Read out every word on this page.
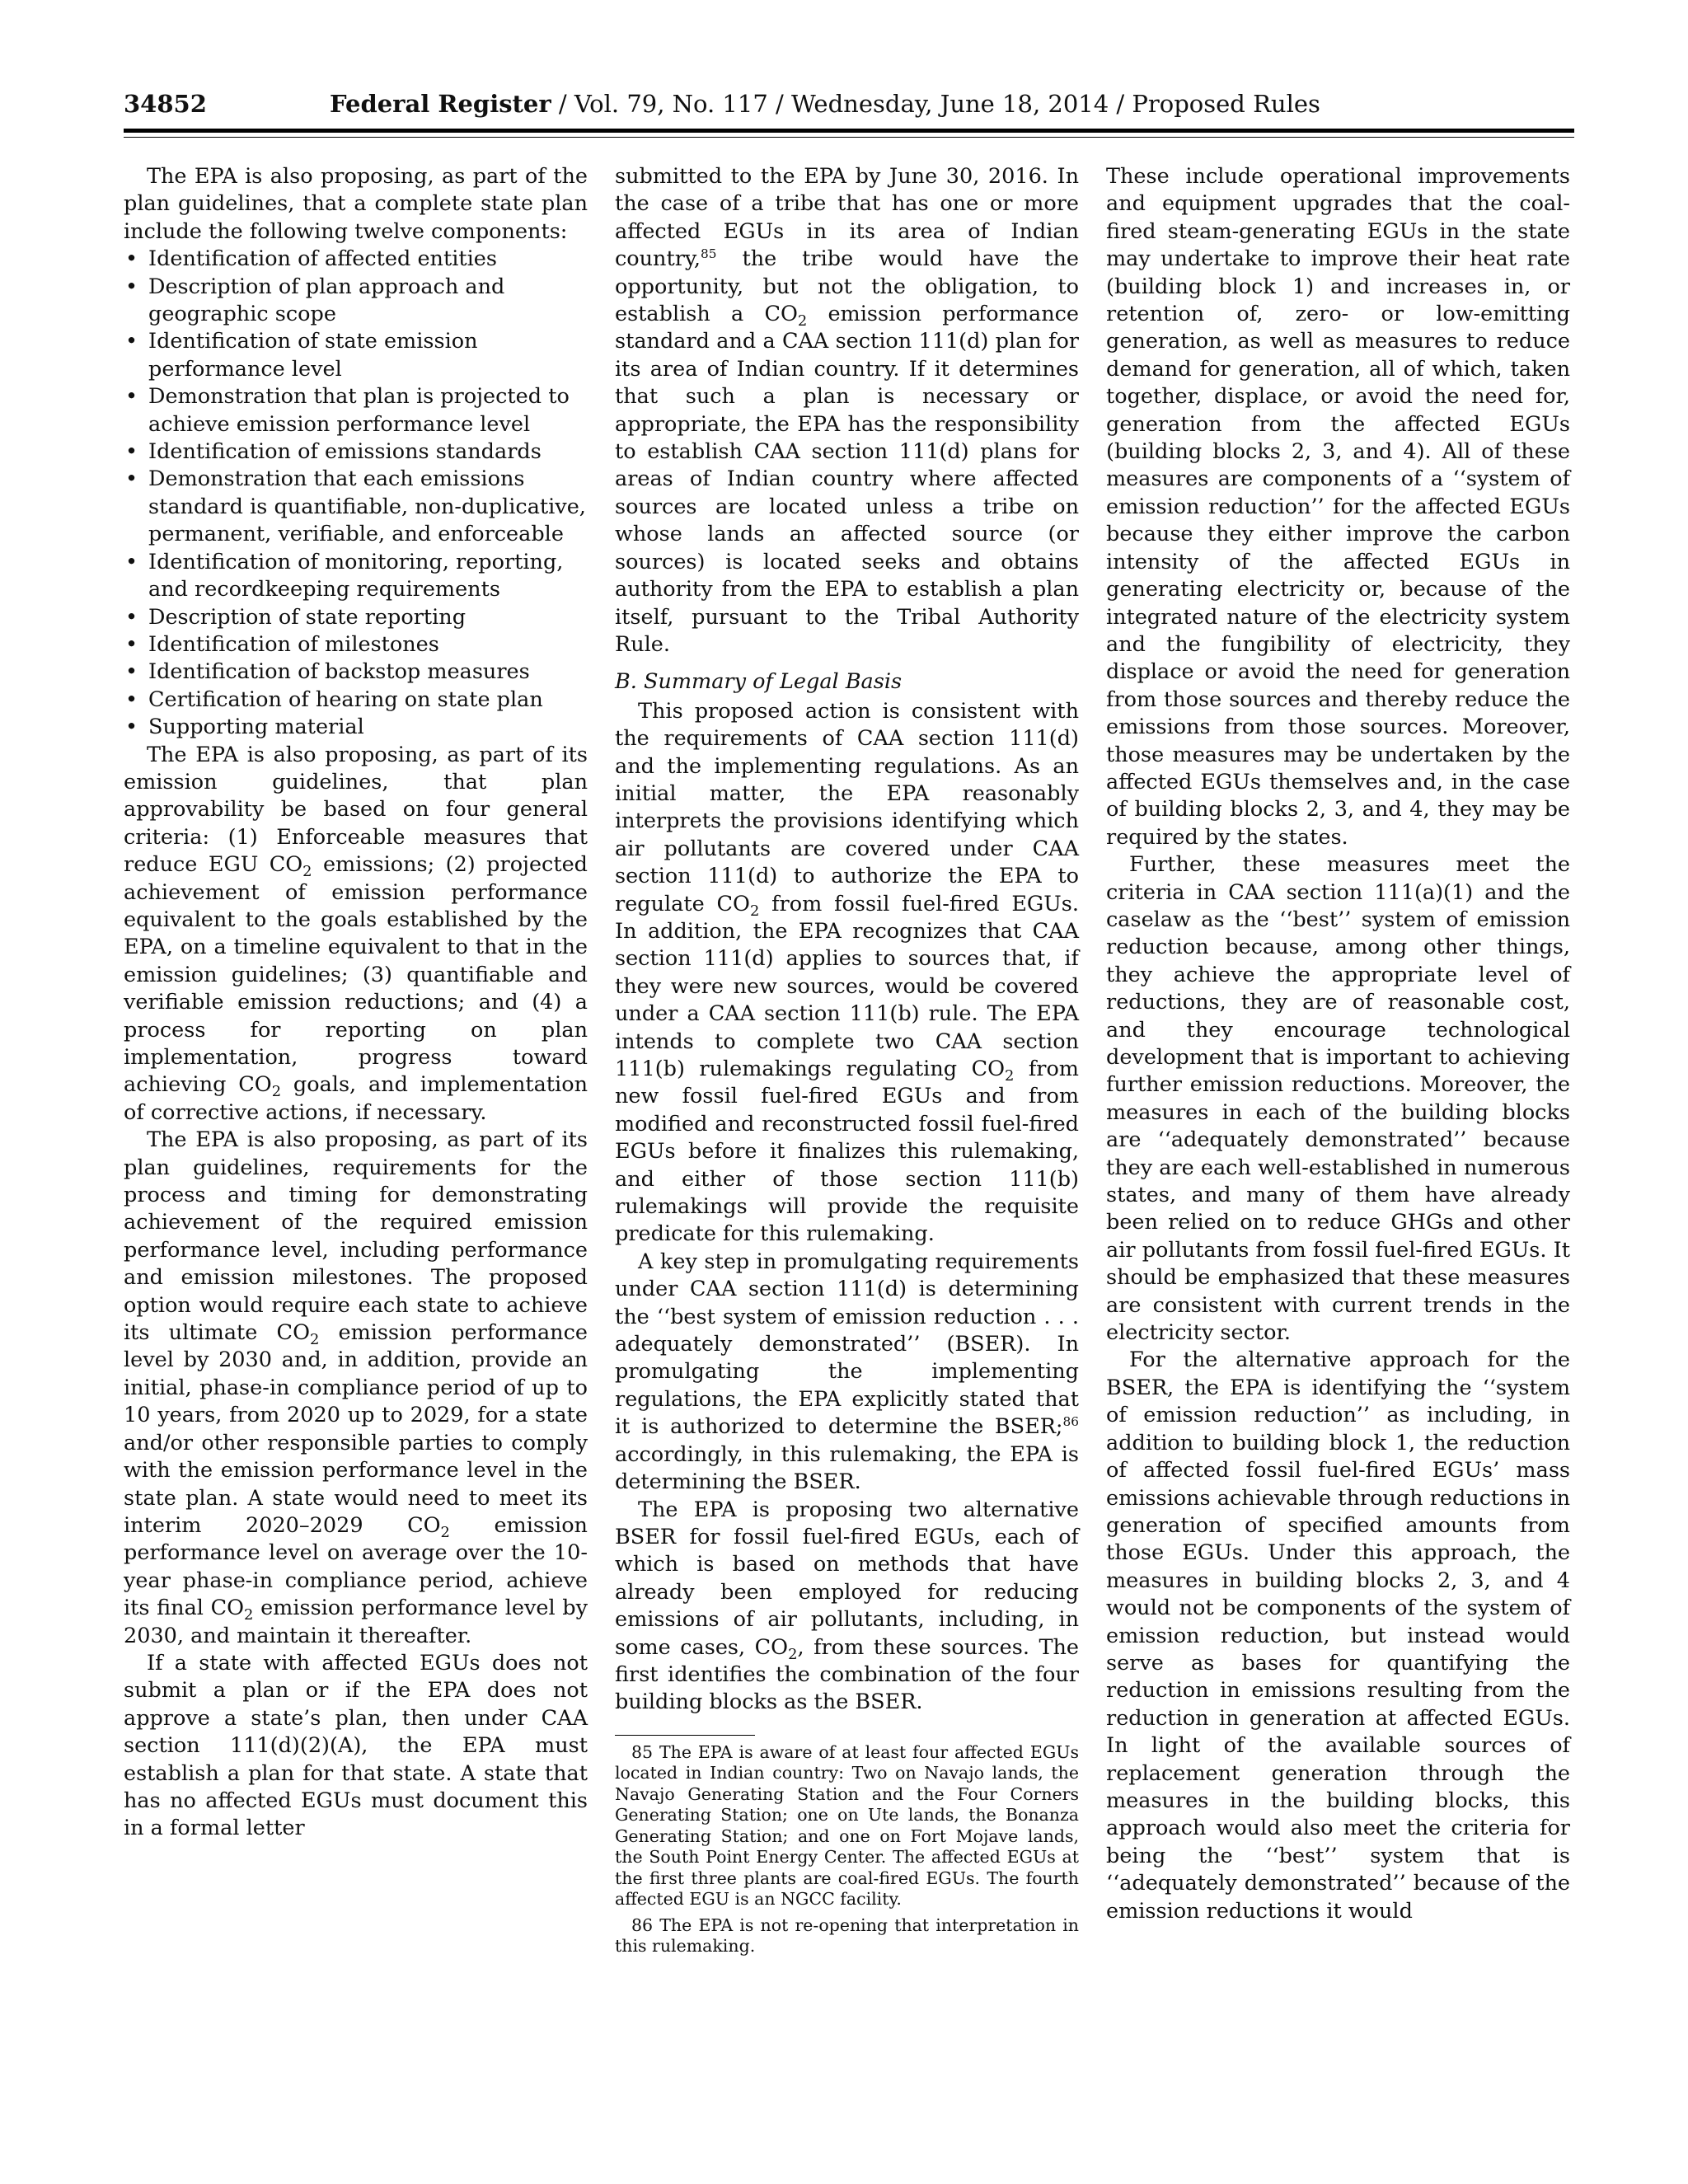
34852	Federal Register / Vol. 79, No. 117 / Wednesday, June 18, 2014 / Proposed Rules

The EPA is also proposing, as part of the plan guidelines, that a complete state plan include the following twelve components:

• Identification of affected entities
• Description of plan approach and geographic scope
• Identification of state emission performance level
• Demonstration that plan is projected to achieve emission performance level
• Identification of emissions standards
• Demonstration that each emissions standard is quantifiable, non-duplicative, permanent, verifiable, and enforceable
• Identification of monitoring, reporting, and recordkeeping requirements
• Description of state reporting
• Identification of milestones
• Identification of backstop measures
• Certification of hearing on state plan
• Supporting material

The EPA is also proposing, as part of its emission guidelines, that plan approvability be based on four general criteria: (1) Enforceable measures that reduce EGU $CO_2$ emissions; (2) projected achievement of emission performance equivalent to the goals established by the EPA, on a timeline equivalent to that in the emission guidelines; (3) quantifiable and verifiable emission reductions; and (4) a process for reporting on plan implementation, progress toward achieving $CO_2$ goals, and implementation of corrective actions, if necessary.

The EPA is also proposing, as part of its plan guidelines, requirements for the process and timing for demonstrating achievement of the required emission performance level, including performance and emission milestones. The proposed option would require each state to achieve its ultimate $CO_2$ emission performance level by 2030 and, in addition, provide an initial, phase-in compliance period of up to 10 years, from 2020 up to 2029, for a state and/or other responsible parties to comply with the emission performance level in the state plan. A state would need to meet its interim 2020–2029 $CO_2$ emission performance level on average over the 10-year phase-in compliance period, achieve its final $CO_2$ emission performance level by 2030, and maintain it thereafter.

If a state with affected EGUs does not submit a plan or if the EPA does not approve a state’s plan, then under CAA section 111(d)(2)(A), the EPA must establish a plan for that state. A state that has no affected EGUs must document this in a formal letter

submitted to the EPA by June 30, 2016. In the case of a tribe that has one or more affected EGUs in its area of Indian country,$^{85}$ the tribe would have the opportunity, but not the obligation, to establish a $CO_2$ emission performance standard and a CAA section 111(d) plan for its area of Indian country. If it determines that such a plan is necessary or appropriate, the EPA has the responsibility to establish CAA section 111(d) plans for areas of Indian country where affected sources are located unless a tribe on whose lands an affected source (or sources) is located seeks and obtains authority from the EPA to establish a plan itself, pursuant to the Tribal Authority Rule.

B. Summary of Legal Basis

This proposed action is consistent with the requirements of CAA section 111(d) and the implementing regulations. As an initial matter, the EPA reasonably interprets the provisions identifying which air pollutants are covered under CAA section 111(d) to authorize the EPA to regulate $CO_2$ from fossil fuel-fired EGUs. In addition, the EPA recognizes that CAA section 111(d) applies to sources that, if they were new sources, would be covered under a CAA section 111(b) rule. The EPA intends to complete two CAA section 111(b) rulemakings regulating $CO_2$ from new fossil fuel-fired EGUs and from modified and reconstructed fossil fuel-fired EGUs before it finalizes this rulemaking, and either of those section 111(b) rulemakings will provide the requisite predicate for this rulemaking.

A key step in promulgating requirements under CAA section 111(d) is determining the ‘‘best system of emission reduction . . . adequately demonstrated’’ (BSER). In promulgating the implementing regulations, the EPA explicitly stated that it is authorized to determine the BSER;$^{86}$ accordingly, in this rulemaking, the EPA is determining the BSER.

The EPA is proposing two alternative BSER for fossil fuel-fired EGUs, each of which is based on methods that have already been employed for reducing emissions of air pollutants, including, in some cases, $CO_2$, from these sources. The first identifies the combination of the four building blocks as the BSER.

85 The EPA is aware of at least four affected EGUs located in Indian country: Two on Navajo lands, the Navajo Generating Station and the Four Corners Generating Station; one on Ute lands, the Bonanza Generating Station; and one on Fort Mojave lands, the South Point Energy Center. The affected EGUs at the first three plants are coal-fired EGUs. The fourth affected EGU is an NGCC facility.

86 The EPA is not re-opening that interpretation in this rulemaking.

These include operational improvements and equipment upgrades that the coal-fired steam-generating EGUs in the state may undertake to improve their heat rate (building block 1) and increases in, or retention of, zero- or low-emitting generation, as well as measures to reduce demand for generation, all of which, taken together, displace, or avoid the need for, generation from the affected EGUs (building blocks 2, 3, and 4). All of these measures are components of a ‘‘system of emission reduction’’ for the affected EGUs because they either improve the carbon intensity of the affected EGUs in generating electricity or, because of the integrated nature of the electricity system and the fungibility of electricity, they displace or avoid the need for generation from those sources and thereby reduce the emissions from those sources. Moreover, those measures may be undertaken by the affected EGUs themselves and, in the case of building blocks 2, 3, and 4, they may be required by the states.

Further, these measures meet the criteria in CAA section 111(a)(1) and the caselaw as the ‘‘best’’ system of emission reduction because, among other things, they achieve the appropriate level of reductions, they are of reasonable cost, and they encourage technological development that is important to achieving further emission reductions. Moreover, the measures in each of the building blocks are ‘‘adequately demonstrated’’ because they are each well-established in numerous states, and many of them have already been relied on to reduce GHGs and other air pollutants from fossil fuel-fired EGUs. It should be emphasized that these measures are consistent with current trends in the electricity sector.

For the alternative approach for the BSER, the EPA is identifying the ‘‘system of emission reduction’’ as including, in addition to building block 1, the reduction of affected fossil fuel-fired EGUs’ mass emissions achievable through reductions in generation of specified amounts from those EGUs. Under this approach, the measures in building blocks 2, 3, and 4 would not be components of the system of emission reduction, but instead would serve as bases for quantifying the reduction in emissions resulting from the reduction in generation at affected EGUs. In light of the available sources of replacement generation through the measures in the building blocks, this approach would also meet the criteria for being the ‘‘best’’ system that is ‘‘adequately demonstrated’’ because of the emission reductions it would
